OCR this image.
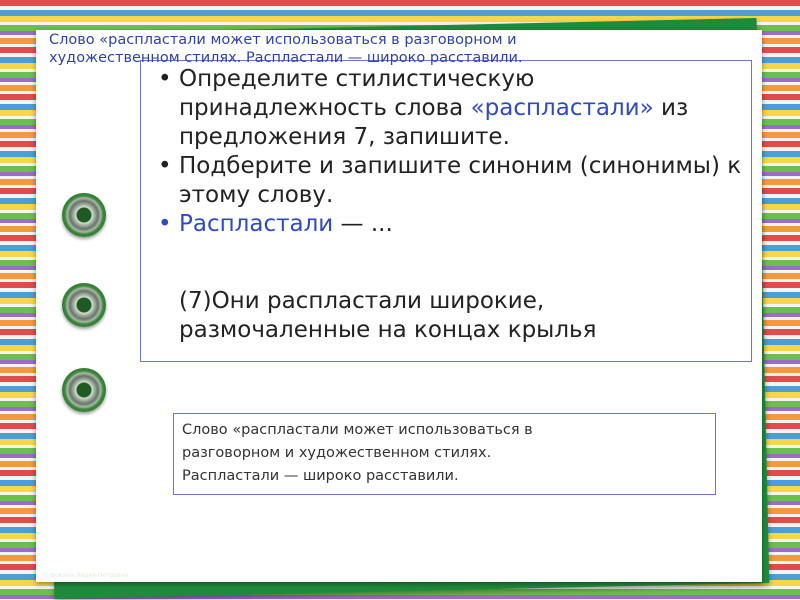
• Определите стилистическую принадлежность слова «распластали» из предложения 7, запишите.
• Подберите и запишите синоним (синонимы) к этому слову.
• Распластали — ...
(7)Они распластали широкие, размочаленные на концах крылья
Слово «распластали может использоваться в разговорном и художественном стилях. Распластали — широко расставили.
Слово «распластали может использоваться в
разговорном и художественном стилях.
Распластали — широко расставили.
© Фокина Лидия Петровна
